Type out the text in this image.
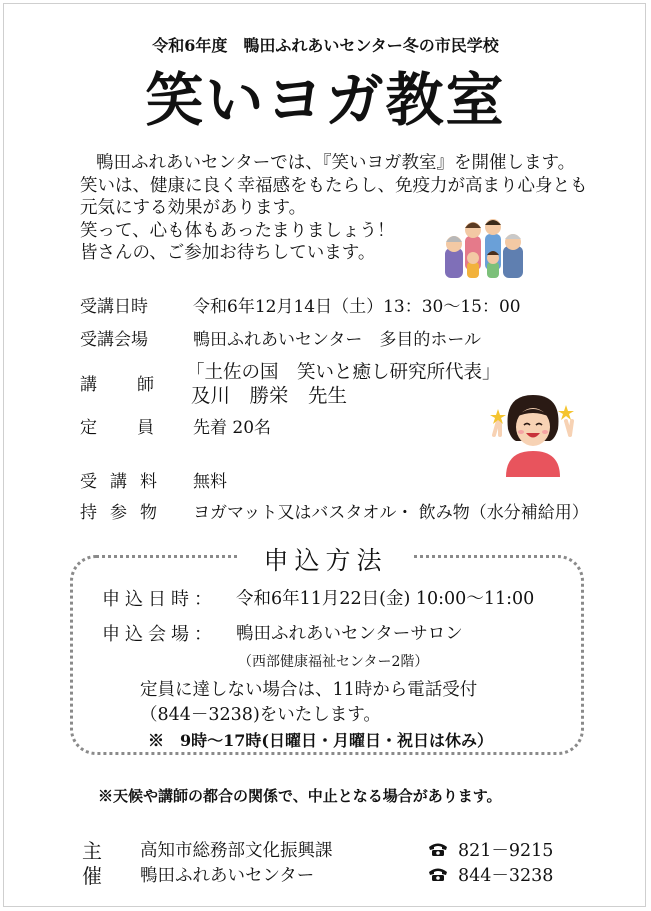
令和6年度　鴨田ふれあいセンター冬の市民学校
笑いヨガ教室
鴨田ふれあいセンターでは、『笑いヨガ教室』を開催します。
笑いは、健康に良く幸福感をもたらし、免疫力が高まり心身とも
元気にする効果があります。
笑って、心も体もあったまりましょう！
皆さんの、ご参加お待ちしています。
受講日時	令和6年12月14日（土）13：30～15：00
受講会場	鴨田ふれあいセンター　多目的ホール
講師
「土佐の国　笑いと癒し研究所代表」
及川　勝栄　先生
定員 先着 20名
受講料 無料
持参物 ヨガマット又はバスタオル・ 飲み物（水分補給用）
申込方法
申込日時： 令和6年11月22日(金) 10:00～11:00
申込会場： 鴨田ふれあいセンターサロン
（西部健康福祉センター2階）
定員に達しない場合は、11時から電話受付
（844－3238)をいたします。
※　9時～17時(日曜日・月曜日・祝日は休み）
※天候や講師の都合の関係で、中止となる場合があります。
主
催
高知市総務部文化振興課
鴨田ふれあいセンター
821－9215
844－3238
